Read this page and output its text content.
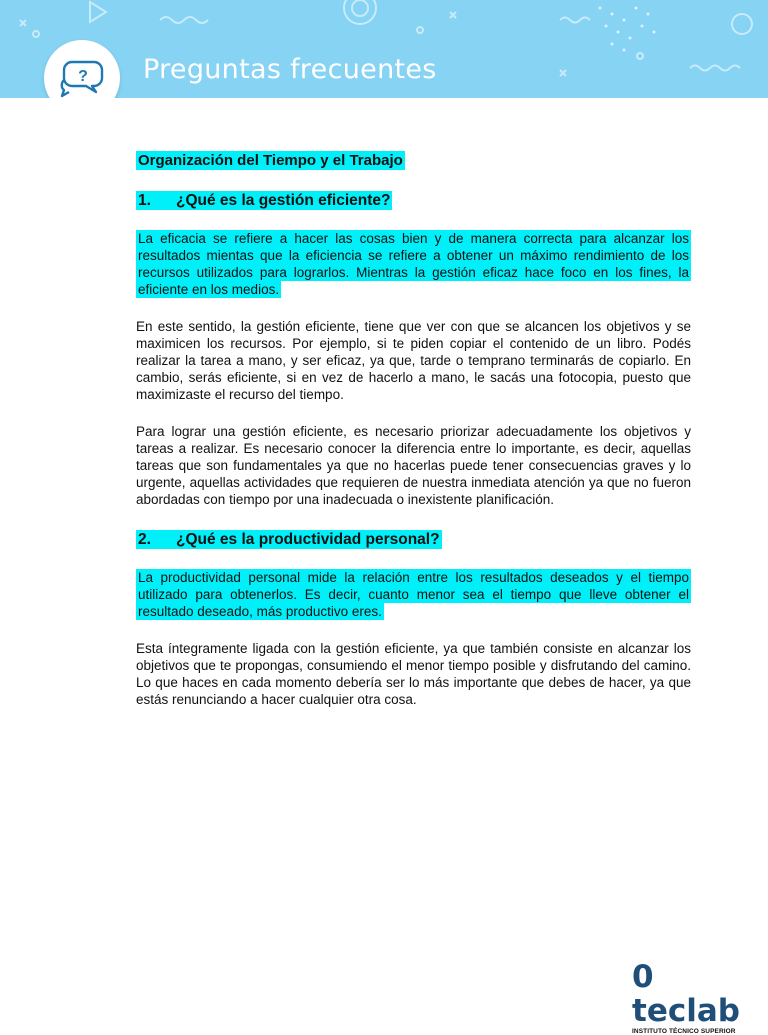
? Preguntas frecuentes
Organización del Tiempo y el Trabajo
1. ¿Qué es la gestión eficiente?
La eficacia se refiere a hacer las cosas bien y de manera correcta para alcanzar los resultados mientas que la eficiencia se refiere a obtener un máximo rendimiento de los recursos utilizados para lograrlos. Mientras la gestión eficaz hace foco en los fines, la eficiente en los medios.
En este sentido, la gestión eficiente, tiene que ver con que se alcancen los objetivos y se maximicen los recursos. Por ejemplo, si te piden copiar el contenido de un libro. Podés realizar la tarea a mano, y ser eficaz, ya que, tarde o temprano terminarás de copiarlo. En cambio, serás eficiente, si en vez de hacerlo a mano, le sacás una fotocopia, puesto que maximizaste el recurso del tiempo.
Para lograr una gestión eficiente, es necesario priorizar adecuadamente los objetivos y tareas a realizar. Es necesario conocer la diferencia entre lo importante, es decir, aquellas tareas que son fundamentales ya que no hacerlas puede tener consecuencias graves y lo urgente, aquellas actividades que requieren de nuestra inmediata atención ya que no fueron abordadas con tiempo por una inadecuada o inexistente planificación.
2. ¿Qué es la productividad personal?
La productividad personal mide la relación entre los resultados deseados y el tiempo utilizado para obtenerlos. Es decir, cuanto menor sea el tiempo que lleve obtener el resultado deseado, más productivo eres.
Esta íntegramente ligada con la gestión eficiente, ya que también consiste en alcanzar los objetivos que te propongas, consumiendo el menor tiempo posible y disfrutando del camino. Lo que haces en cada momento debería ser lo más importante que debes de hacer, ya que estás renunciando a hacer cualquier otra cosa.
0 teclab
INSTITUTO TÉCNICO SUPERIOR
